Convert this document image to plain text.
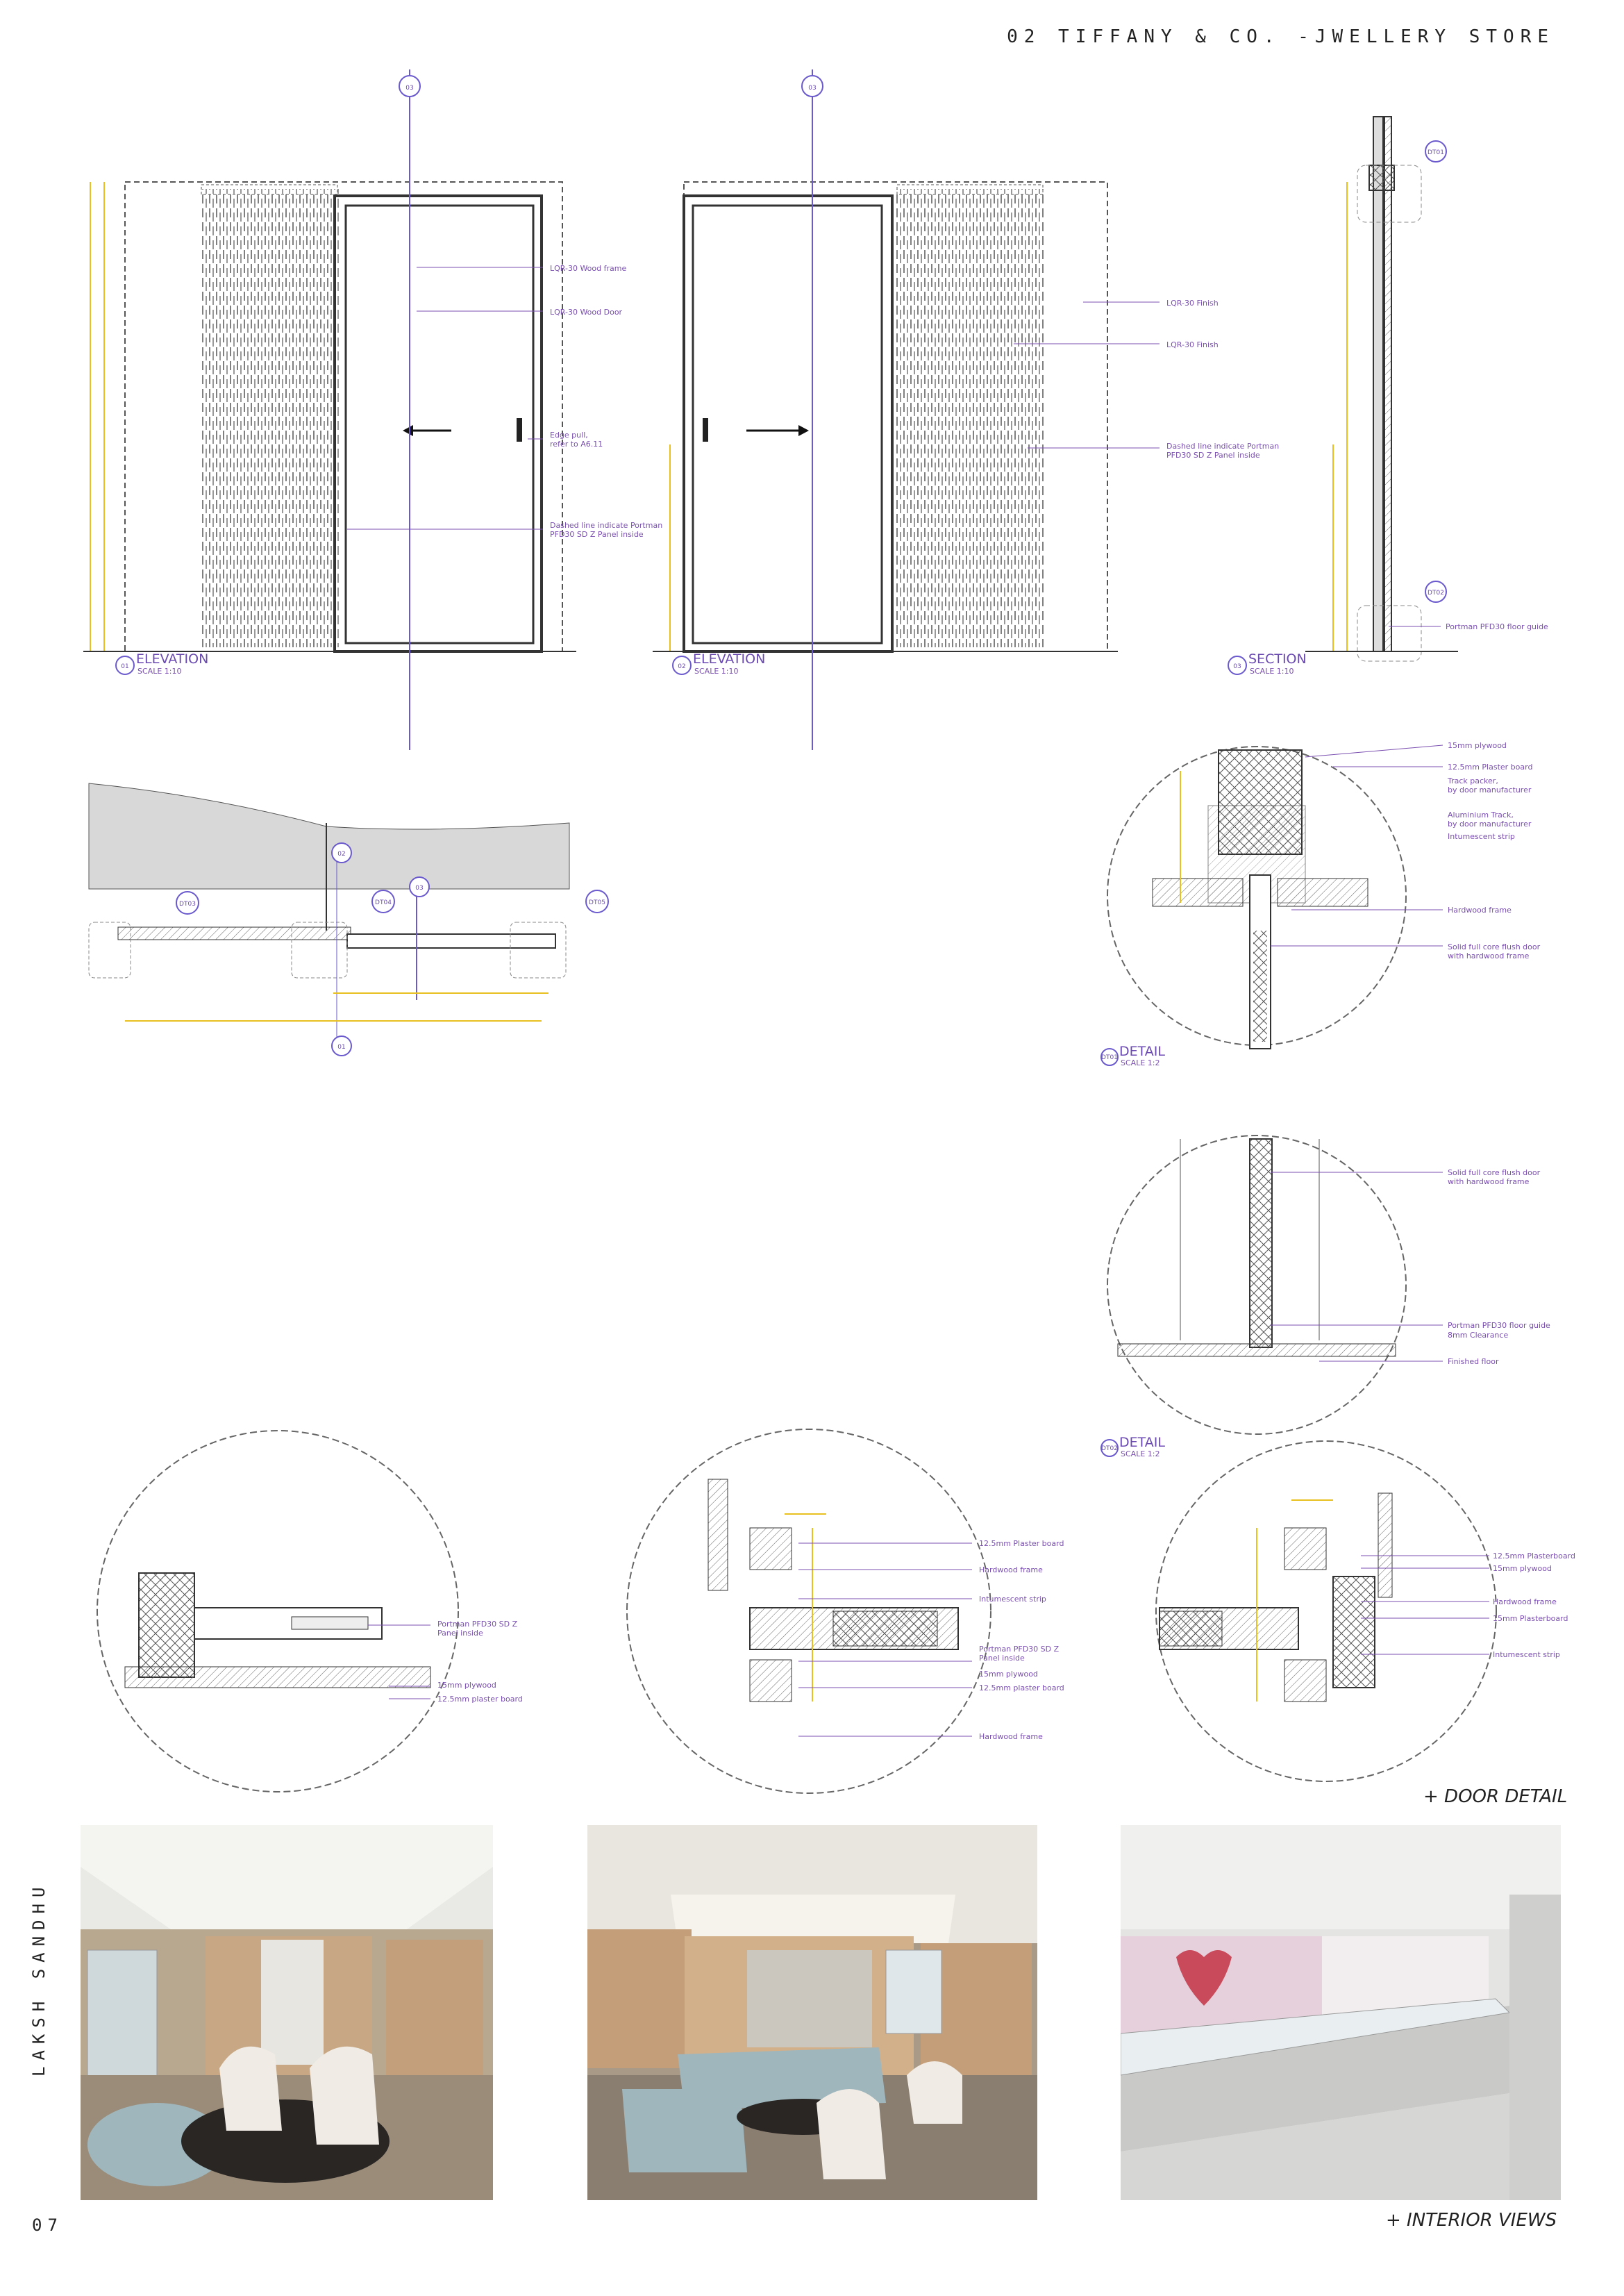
02 TIFFANY & CO. -JWELLERY STORE
03
LQR-30 Wood frame
LQR-30 Wood Door
Edge pull,
refer to A6.11
Dashed line indicate Portman
PFD30 SD Z Panel inside
01 ELEVATION
SCALE 1:10
03
LQR-30 Finish
LQR-30 Finish
Dashed line indicate Portman
PFD30 SD Z Panel inside
02 ELEVATION
SCALE 1:10
DT01
DT02
Portman PFD30 floor guide
03 SECTION
SCALE 1:10
02
03
DT03	DT04	DT05
01
15mm plywood
12.5mm Plaster board
Track packer,
by door manufacturer
Aluminium Track,
by door manufacturer
Intumescent strip
Hardwood frame
Solid full core flush door
with hardwood frame
DT01 DETAIL
SCALE 1:2
Solid full core flush door
with hardwood frame
Portman PFD30 floor guide
8mm Clearance
Finished floor
DT02 DETAIL
SCALE 1:2
Portman PFD30 SD Z
Panel inside
15mm plywood
12.5mm plaster board
12.5mm Plaster board
Hardwood frame
Intumescent strip
Portman PFD30 SD Z
Panel inside
15mm plywood
12.5mm plaster board
Hardwood frame
12.5mm Plasterboard
15mm plywood
Hardwood frame
15mm Plasterboard
Intumescent strip
+ DOOR DETAIL
+ INTERIOR VIEWS
LAKSH SANDHU
07
